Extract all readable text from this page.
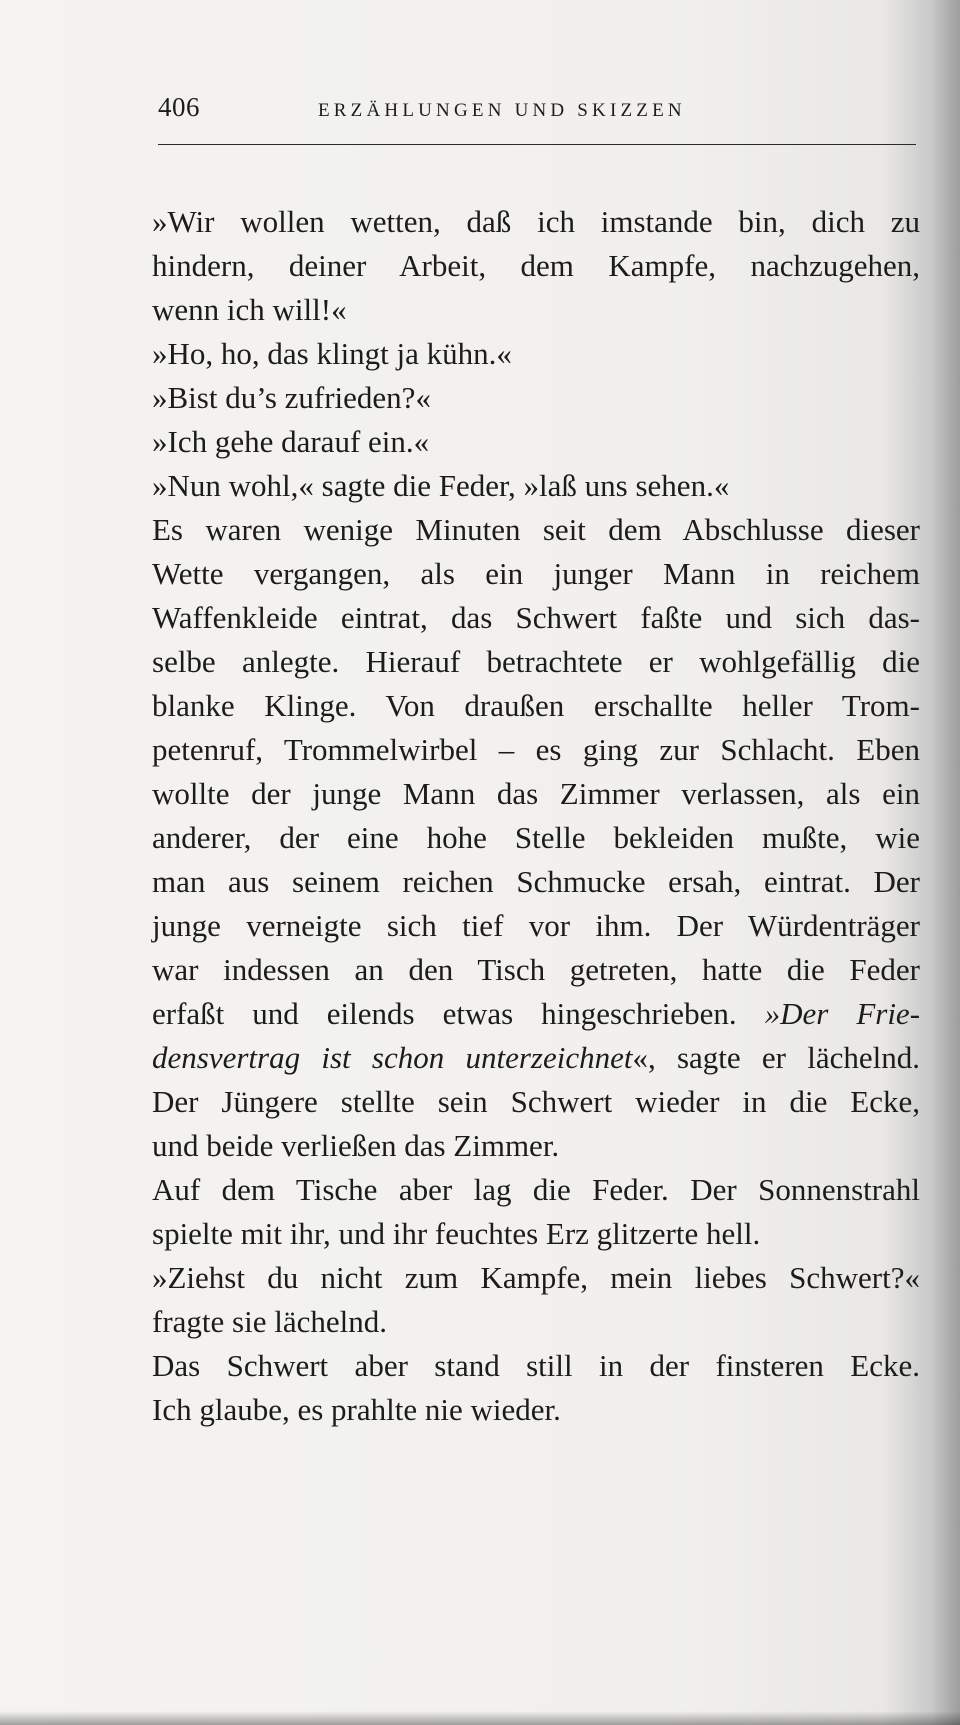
406	ERZÄHLUNGEN UND SKIZZEN
»Wir wollen wetten, daß ich imstande bin, dich zu
hindern, deiner Arbeit, dem Kampfe, nachzugehen,
wenn ich will!«
»Ho, ho, das klingt ja kühn.«
»Bist du’s zufrieden?«
»Ich gehe darauf ein.«
»Nun wohl,« sagte die Feder, »laß uns sehen.«
Es waren wenige Minuten seit dem Abschlusse dieser
Wette vergangen, als ein junger Mann in reichem
Waffenkleide eintrat, das Schwert faßte und sich das-
selbe anlegte. Hierauf betrachtete er wohlgefällig die
blanke Klinge. Von draußen erschallte heller Trom-
petenruf, Trommelwirbel – es ging zur Schlacht. Eben
wollte der junge Mann das Zimmer verlassen, als ein
anderer, der eine hohe Stelle bekleiden mußte, wie
man aus seinem reichen Schmucke ersah, eintrat. Der
junge verneigte sich tief vor ihm. Der Würdenträger
war indessen an den Tisch getreten, hatte die Feder
erfaßt und eilends etwas hingeschrieben. »Der Frie-
densvertrag ist schon unterzeichnet«, sagte er lächelnd.
Der Jüngere stellte sein Schwert wieder in die Ecke,
und beide verließen das Zimmer.
Auf dem Tische aber lag die Feder. Der Sonnenstrahl
spielte mit ihr, und ihr feuchtes Erz glitzerte hell.
»Ziehst du nicht zum Kampfe, mein liebes Schwert?«
fragte sie lächelnd.
Das Schwert aber stand still in der finsteren Ecke.
Ich glaube, es prahlte nie wieder.
